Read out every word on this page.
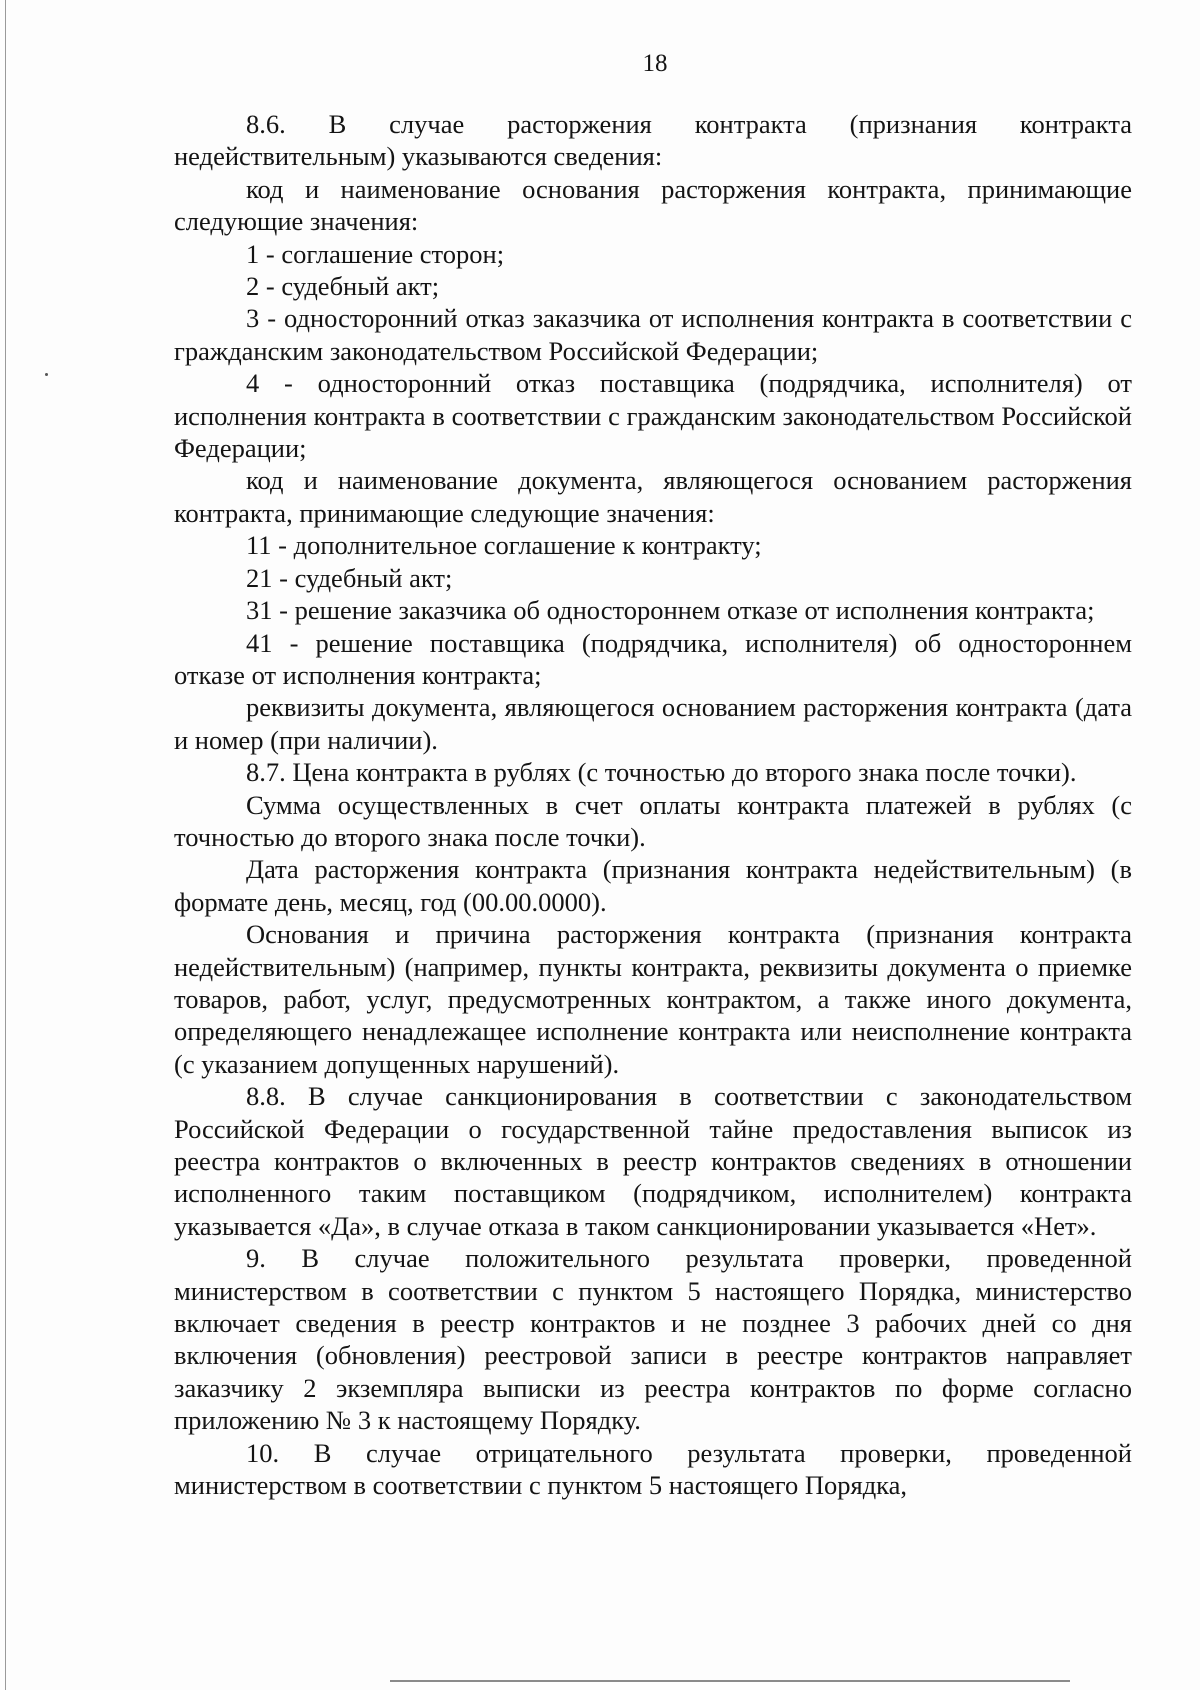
18

8.6. В случае расторжения контракта (признания контракта недействительным) указываются сведения:

код и наименование основания расторжения контракта, принимающие следующие значения:

1 - соглашение сторон;

2 - судебный акт;

3 - односторонний отказ заказчика от исполнения контракта в соответствии с гражданским законодательством Российской Федерации;

4 - односторонний отказ поставщика (подрядчика, исполнителя) от исполнения контракта в соответствии с гражданским законодательством Российской Федерации;

код и наименование документа, являющегося основанием расторжения контракта, принимающие следующие значения:

11 - дополнительное соглашение к контракту;

21 - судебный акт;

31 - решение заказчика об одностороннем отказе от исполнения контракта;

41 - решение поставщика (подрядчика, исполнителя) об одностороннем отказе от исполнения контракта;

реквизиты документа, являющегося основанием расторжения контракта (дата и номер (при наличии).

8.7. Цена контракта в рублях (с точностью до второго знака после точки).

Сумма осуществленных в счет оплаты контракта платежей в рублях (с точностью до второго знака после точки).

Дата расторжения контракта (признания контракта недействительным) (в формате день, месяц, год (00.00.0000).

Основания и причина расторжения контракта (признания контракта недействительным) (например, пункты контракта, реквизиты документа о приемке товаров, работ, услуг, предусмотренных контрактом, а также иного документа, определяющего ненадлежащее исполнение контракта или неисполнение контракта (с указанием допущенных нарушений).

8.8. В случае санкционирования в соответствии с законодательством Российской Федерации о государственной тайне предоставления выписок из реестра контрактов о включенных в реестр контрактов сведениях в отношении исполненного таким поставщиком (подрядчиком, исполнителем) контракта указывается «Да», в случае отказа в таком санкционировании указывается «Нет».

9. В случае положительного результата проверки, проведенной министерством в соответствии с пунктом 5 настоящего Порядка, министерство включает сведения в реестр контрактов и не позднее 3 рабочих дней со дня включения (обновления) реестровой записи в реестре контрактов направляет заказчику 2 экземпляра выписки из реестра контрактов по форме согласно приложению № 3 к настоящему Порядку.

10. В случае отрицательного результата проверки, проведенной министерством в соответствии с пунктом 5 настоящего Порядка,
